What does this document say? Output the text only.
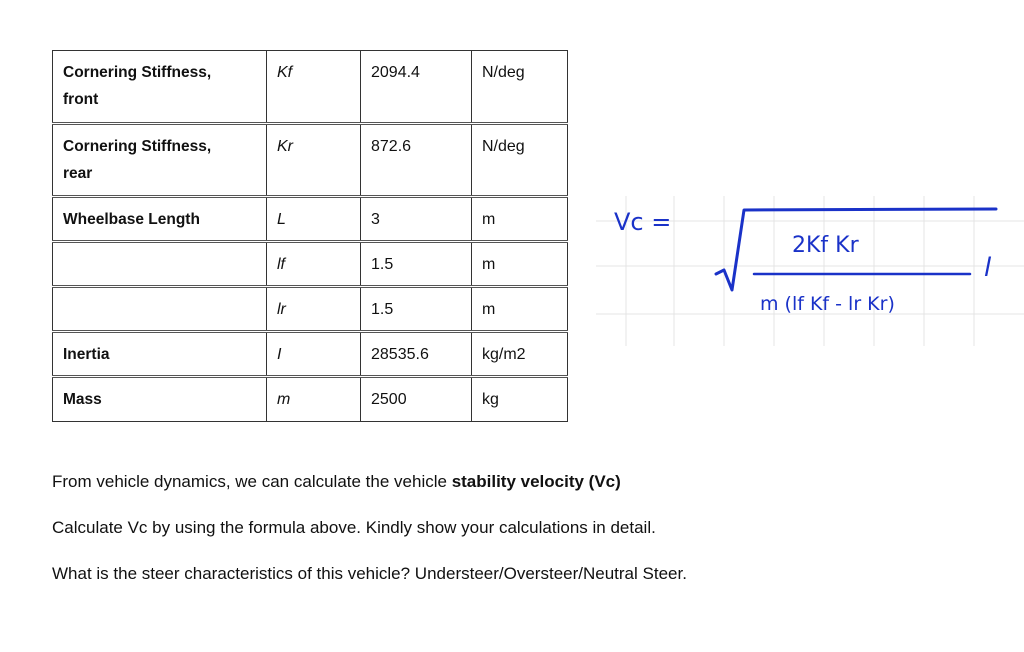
Cornering Stiffness,
front	Kf	2094.4	N/deg
Cornering Stiffness,
rear	Kr	872.6	N/deg
Wheelbase Length	L	3	m
	lf	1.5	m
	lr	1.5	m
Inertia	I	28535.6	kg/m2
Mass	m	2500	kg
Vc =
2Kf Kr
m (lf Kf - lr Kr)
l

From vehicle dynamics, we can calculate the vehicle stability velocity (Vc)

Calculate Vc by using the formula above. Kindly show your calculations in detail.

What is the steer characteristics of this vehicle? Understeer/Oversteer/Neutral Steer.
